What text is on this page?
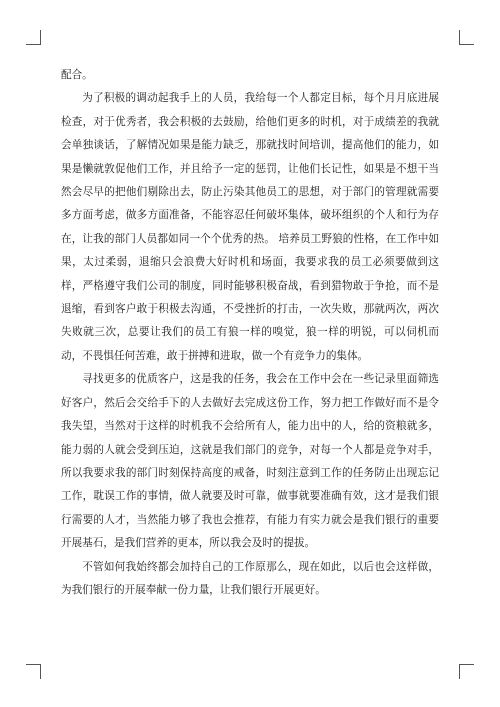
配合。

为了积极的调动起我手上的人员，我给每一个人都定目标，每个月月底进展检查，对于优秀者，我会积极的去鼓励，给他们更多的时机，对于成绩差的我就会单独谈话，了解情况如果是能力缺乏，那就找时间培训，提高他们的能力，如果是懒就敦促他们工作，并且给予一定的惩罚，让他们长记性，如果是不想干当然会尽早的把他们剔除出去，防止污染其他员工的思想，对于部门的管理就需要多方面考虑，做多方面准备，不能容忍任何破坏集体，破坏组织的个人和行为存在，让我的部门人员都如同一个个优秀的热。 培养员工野狼的性格，在工作中如果，太过柔弱，退缩只会浪费大好时机和场面，我要求我的员工必须要做到这样，严格遵守我们公司的制度，同时能够积极奋战，看到猎物敢于争抢，而不是退缩，看到客户敢于积极去沟通，不受挫折的打击，一次失败，那就两次，两次失败就三次，总要让我们的员工有狼一样的嗅觉，狼一样的明锐，可以伺机而动，不畏惧任何苦难，敢于拼搏和进取，做一个有竞争力的集体。

寻找更多的优质客户，这是我的任务，我会在工作中会在一些记录里面筛选好客户，然后会交给手下的人去做好去完成这份工作，努力把工作做好而不是令我失望，当然对于这样的时机我不会给所有人，能力出中的人，给的资粮就多，能力弱的人就会受到压迫，这就是我们部门的竞争，对每一个人都是竞争对手，所以我要求我的部门时刻保持高度的戒备，时刻注意到工作的任务防止出现忘记工作，耽误工作的事情，做人就要及时可靠，做事就要准确有效，这才是我们银行需要的人才，当然能力够了我也会推荐，有能力有实力就会是我们银行的重要开展基石，是我们营养的更本，所以我会及时的提拔。

不管如何我始终都会加持自己的工作原那么，现在如此，以后也会这样做，为我们银行的开展奉献一份力量，让我们银行开展更好。
